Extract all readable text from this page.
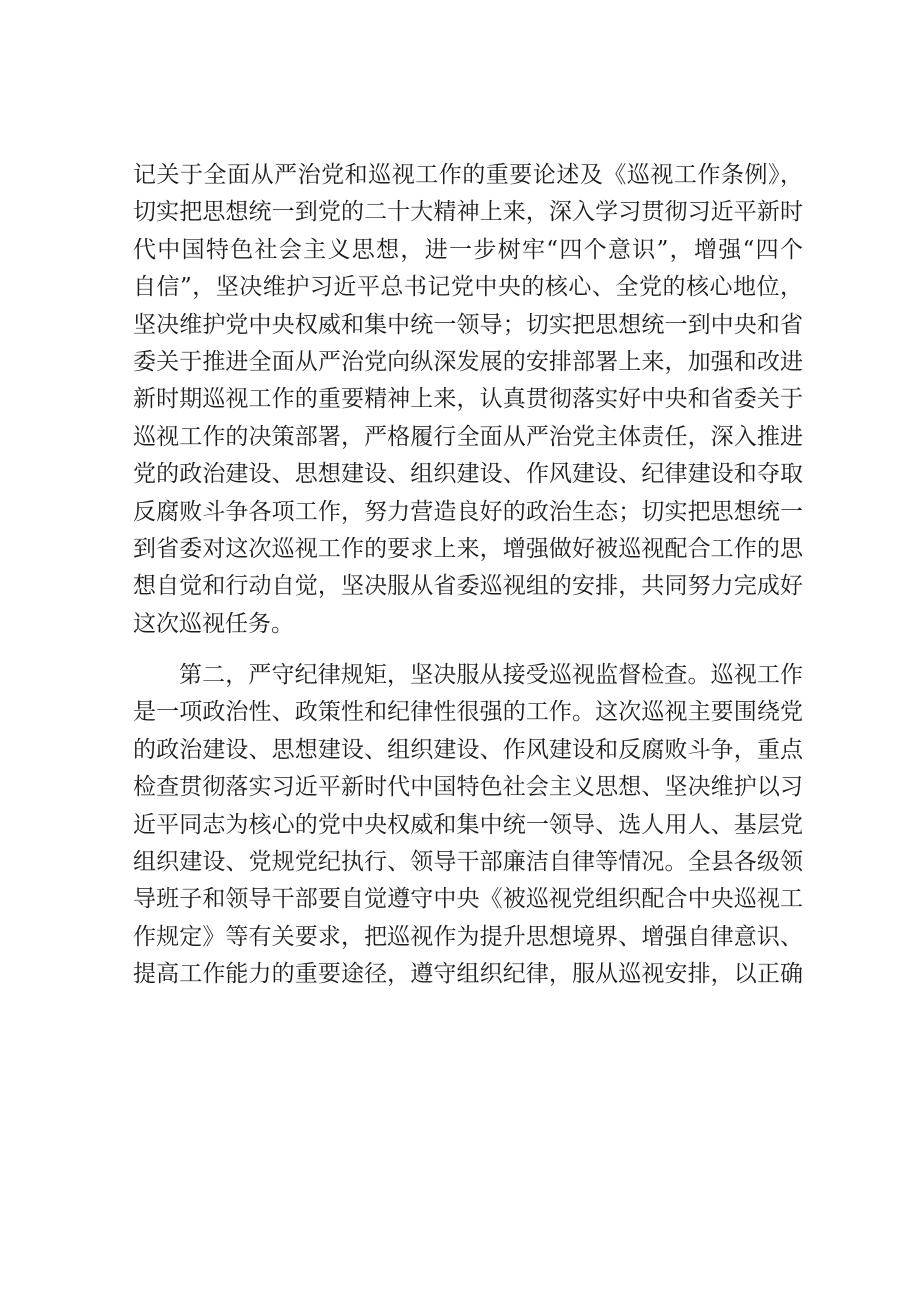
记关于全面从严治党和巡视工作的重要论述及《巡视工作条例》，
切实把思想统一到党的二十大精神上来，深入学习贯彻习近平新时
代中国特色社会主义思想，进一步树牢“四个意识”，增强“四个
自信”，坚决维护习近平总书记党中央的核心、全党的核心地位，
坚决维护党中央权威和集中统一领导；切实把思想统一到中央和省
委关于推进全面从严治党向纵深发展的安排部署上来，加强和改进
新时期巡视工作的重要精神上来，认真贯彻落实好中央和省委关于
巡视工作的决策部署，严格履行全面从严治党主体责任，深入推进
党的政治建设、思想建设、组织建设、作风建设、纪律建设和夺取
反腐败斗争各项工作，努力营造良好的政治生态；切实把思想统一
到省委对这次巡视工作的要求上来，增强做好被巡视配合工作的思
想自觉和行动自觉，坚决服从省委巡视组的安排，共同努力完成好
这次巡视任务。
第二，严守纪律规矩，坚决服从接受巡视监督检查。巡视工作
是一项政治性、政策性和纪律性很强的工作。这次巡视主要围绕党
的政治建设、思想建设、组织建设、作风建设和反腐败斗争，重点
检查贯彻落实习近平新时代中国特色社会主义思想、坚决维护以习
近平同志为核心的党中央权威和集中统一领导、选人用人、基层党
组织建设、党规党纪执行、领导干部廉洁自律等情况。全县各级领
导班子和领导干部要自觉遵守中央《被巡视党组织配合中央巡视工
作规定》等有关要求，把巡视作为提升思想境界、增强自律意识、
提高工作能力的重要途径，遵守组织纪律，服从巡视安排，以正确
